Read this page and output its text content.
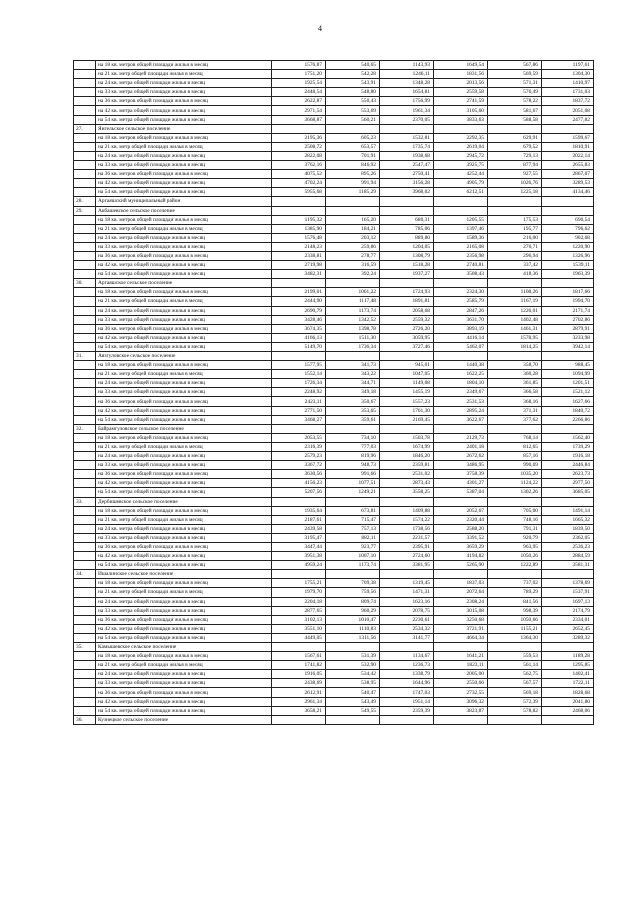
4
	на 18 кв. метров общей площади жилья в месяц	1576,87	540,65	1143,93	1649,54	567,86	1197,61
	на 21 кв. метр общей площади жилья в месяц	1751,20	542,28	1246,11	1831,56	569,59	1304,30
	на 24 кв. метра общей площади жилья в месяц	1925,54	543,91	1348,28	2013,56	571,31	1410,97
	на 33 кв. метра общей площади жилья в месяц	2448,54	548,80	1654,81	2559,58	576,49	1731,03
	на 36 кв. метров общей площади жилья в месяц	2622,87	550,43	1756,99	2741,59	578,22	1837,72
	на 42 кв. метра общей площади жилья в месяц	2971,54	553,69	1961,34	3105,60	581,67	2051,08
	на 54 кв. метра общей площади жилья в месяц	3668,87	560,21	2370,05	3833,63	588,58	2477,82
27.	Янгельское сельское поселение						
	на 18 кв. метров общей площади жилья в месяц	2195,36	605,23	1532,81	2292,35	629,91	1599,67
	на 21 кв. метр общей площади жилья в месяц	2508,72	653,57	1735,74	2619,04	679,52	1810,91
	на 24 кв. метра общей площади жилья в месяц	2822,08	701,91	1938,68	2945,72	729,13	2022,14
	на 33 кв. метра общей площади жилья в месяц	3762,16	846,92	2547,47	3925,75	877,94	2655,83
	на 36 кв. метров общей площади жилья в месяц	4075,52	895,26	2750,41	4252,44	927,55	2867,07
	на 42 кв. метра общей площади жилья в месяц	4702,24	991,94	3156,28	4905,79	1026,76	3289,53
	на 54 кв. метра общей площади жилья в месяц	5955,68	1185,29	3968,02	6212,51	1225,18	4134,46
28.	Аргаяшский муниципальный район						
29.	Акбашевское сельское поселение						
	на 18 кв. метров общей площади жилья в месяц	1195,32	165,20	680,31	1205,55	175,53	690,54
	на 21 кв. метр общей площади жилья в месяц	1385,90	184,21	785,06	1397,46	195,77	796,62
	на 24 кв. метра общей площади жилья в месяц	1576,48	203,12	889,80	1589,36	216,00	902,68
	на 33 кв. метра общей площади жилья в месяц	2148,23	259,86	1204,05	2165,08	276,71	1220,90
	на 36 кв. метров общей площади жилья в месяц	2338,81	278,77	1308,79	2356,98	296,94	1326,96
	на 42 кв. метра общей площади жилья в месяц	2719,98	316,59	1518,28	2740,81	337,42	1539,11
	на 54 кв. метра общей площади жилья в месяц	3482,31	392,24	1937,27	3508,43	418,36	1963,39
30.	Аргаяшское сельское поселение						
	на 18 кв. метров общей площади жилья в месяц	2199,01	1061,22	1724,93	2324,30	1108,26	1817,66
	на 21 кв. метр общей площади жилья в месяц	2444,90	1117,48	1891,81	2585,79	1167,19	1994,70
	на 24 кв. метра общей площади жилья в месяц	2690,79	1173,74	2058,68	2847,26	1226,01	2171,74
	на 33 кв. метра общей площади жилья в месяц	3428,46	1342,52	2559,32	3631,70	1402,48	2702,86
	на 36 кв. метров общей площади жилья в месяц	3674,35	1398,78	2726,20	3893,19	1461,31	2879,91
	на 42 кв. метра общей площади жилья в месяц	4166,13	1511,30	3059,95	4416,14	1578,95	3233,98
	на 54 кв. метра общей площади жилья в месяц	5149,70	1736,34	3727,46	5462,07	1814,25	3942,14
31.	Аязгуловское сельское поселение						
	на 18 кв. метров общей площади жилья в месяц	1577,95	341,73	945,01	1440,38	358,70	988,45
	на 21 кв. метр общей площади жилья в месяц	1552,14	343,22	1047,05	1622,25	360,28	1094,99
	на 24 кв. метра общей площади жилья в месяц	1726,34	344,71	1149,08	1804,10	361,85	1201,51
	на 33 кв. метра общей площади жилья в месяц	2248,92	349,18	1455,19	2349,67	366,58	1521,12
	на 36 кв. метров общей площади жилья в месяц	2423,11	350,67	1557,23	2531,53	368,16	1627,66
	на 42 кв. метра общей площади жилья в месяц	2771,50	353,65	1761,30	2895,24	371,31	1840,72
	на 54 кв. метра общей площади жилья в месяц	3468,27	359,61	2169,45	3622,67	377,62	2266,86
32.	Байрамгуловское сельское поселение						
	на 18 кв. метров общей площади жилья в месяц	2053,55	734,10	1503,78	2129,73	768,14	1562,40
	на 21 кв. метр общей площади жилья в месяц	2316,39	777,03	1674,99	2401,18	812,65	1739,29
	на 24 кв. метра общей площади жилья в месяц	2579,23	819,96	1846,20	2672,62	857,16	1916,18
	на 33 кв. метра общей площади жилья в месяц	3367,72	948,73	2359,81	3486,95	990,69	2446,84
	на 36 кв. метров общей площади жилья в месяц	3630,56	991,66	2531,02	3758,39	1035,20	2623,73
	на 42 кв. метра общей площади жилья в месяц	4156,23	1077,51	2873,43	4301,27	1124,22	2977,50
	на 54 кв. метра общей площади жилья в месяц	5207,56	1249,21	3558,25	5387,04	1302,26	3685,05
33.	Дербишевское сельское поселение						
	на 18 кв. метров общей площади жилья в месяц	1935,64	673,81	1409,88	2052,67	705,00	1491,14
	на 21 кв. метр общей площади жилья в месяц	2187,61	715,47	1574,22	2320,44	748,16	1665,32
	на 24 кв. метра общей площади жилья в месяц	2439,58	757,13	1738,56	2588,20	791,31	1839,50
	на 33 кв. метра общей площади жилья в месяц	3195,47	882,11	2231,57	3391,52	920,79	2362,05
	на 36 кв. метров общей площади жилья в месяц	3447,44	923,77	2395,91	3659,29	963,95	2536,23
	на 42 кв. метра общей площади жилья в месяц	3951,38	1007,10	2724,60	4194,82	1050,26	2884,59
	на 54 кв. метра общей площади жилья в месяц	4959,24	1173,74	3381,95	5265,90	1222,89	3581,31
34.	Ишалинское сельское поселение						
	на 18 кв. метров общей площади жилья в месяц	1755,21	709,38	1319,45	1837,03	737,02	1378,69
	на 21 кв. метр общей площади жилья в месяц	1979,70	759,56	1471,31	2072,64	789,29	1537,91
	на 24 кв. метра общей площади жилья в месяц	2204,18	809,74	1623,16	2308,24	841,56	1697,13
	на 33 кв. метра общей площади жилья в месяц	2877,65	960,29	2078,75	3015,08	998,39	2174,79
	на 36 кв. метров общей площади жилья в месяц	3102,13	1010,47	2230,61	3250,68	1050,66	2334,01
	на 42 кв. метра общей площади жилья в месяц	3551,10	1110,83	2534,32	3721,91	1155,21	2652,45
	на 54 кв. метра общей площади жилья в месяц	4449,05	1311,56	3141,77	4664,34	1364,30	3289,32
35.	Камышевское сельское поселение						
	на 18 кв. метров общей площади жилья в месяц	1567,61	531,39	1134,67	1641,21	559,53	1189,28
	на 21 кв. метр общей площади жилья в месяц	1741,82	532,90	1236,73	1823,11	561,14	1295,85
	на 24 кв. метра общей площади жилья в месяц	1916,05	534,42	1338,79	2005,00	562,75	1402,41
	на 33 кв. метра общей площади жилья в месяц	2438,69	538,95	1644,96	2550,66	567,57	1722,11
	на 36 кв. метров общей площади жилья в месяц	2612,91	540,47	1747,03	2732,55	569,18	1828,68
	на 42 кв. метра общей площади жилья в месяц	2961,34	543,49	1951,14	3096,32	572,39	2041,80
	на 54 кв. метра общей площади жилья в месяц	3658,21	549,55	2359,39	3823,87	578,82	2468,06
36.	Кузнецкое сельское поселение						
